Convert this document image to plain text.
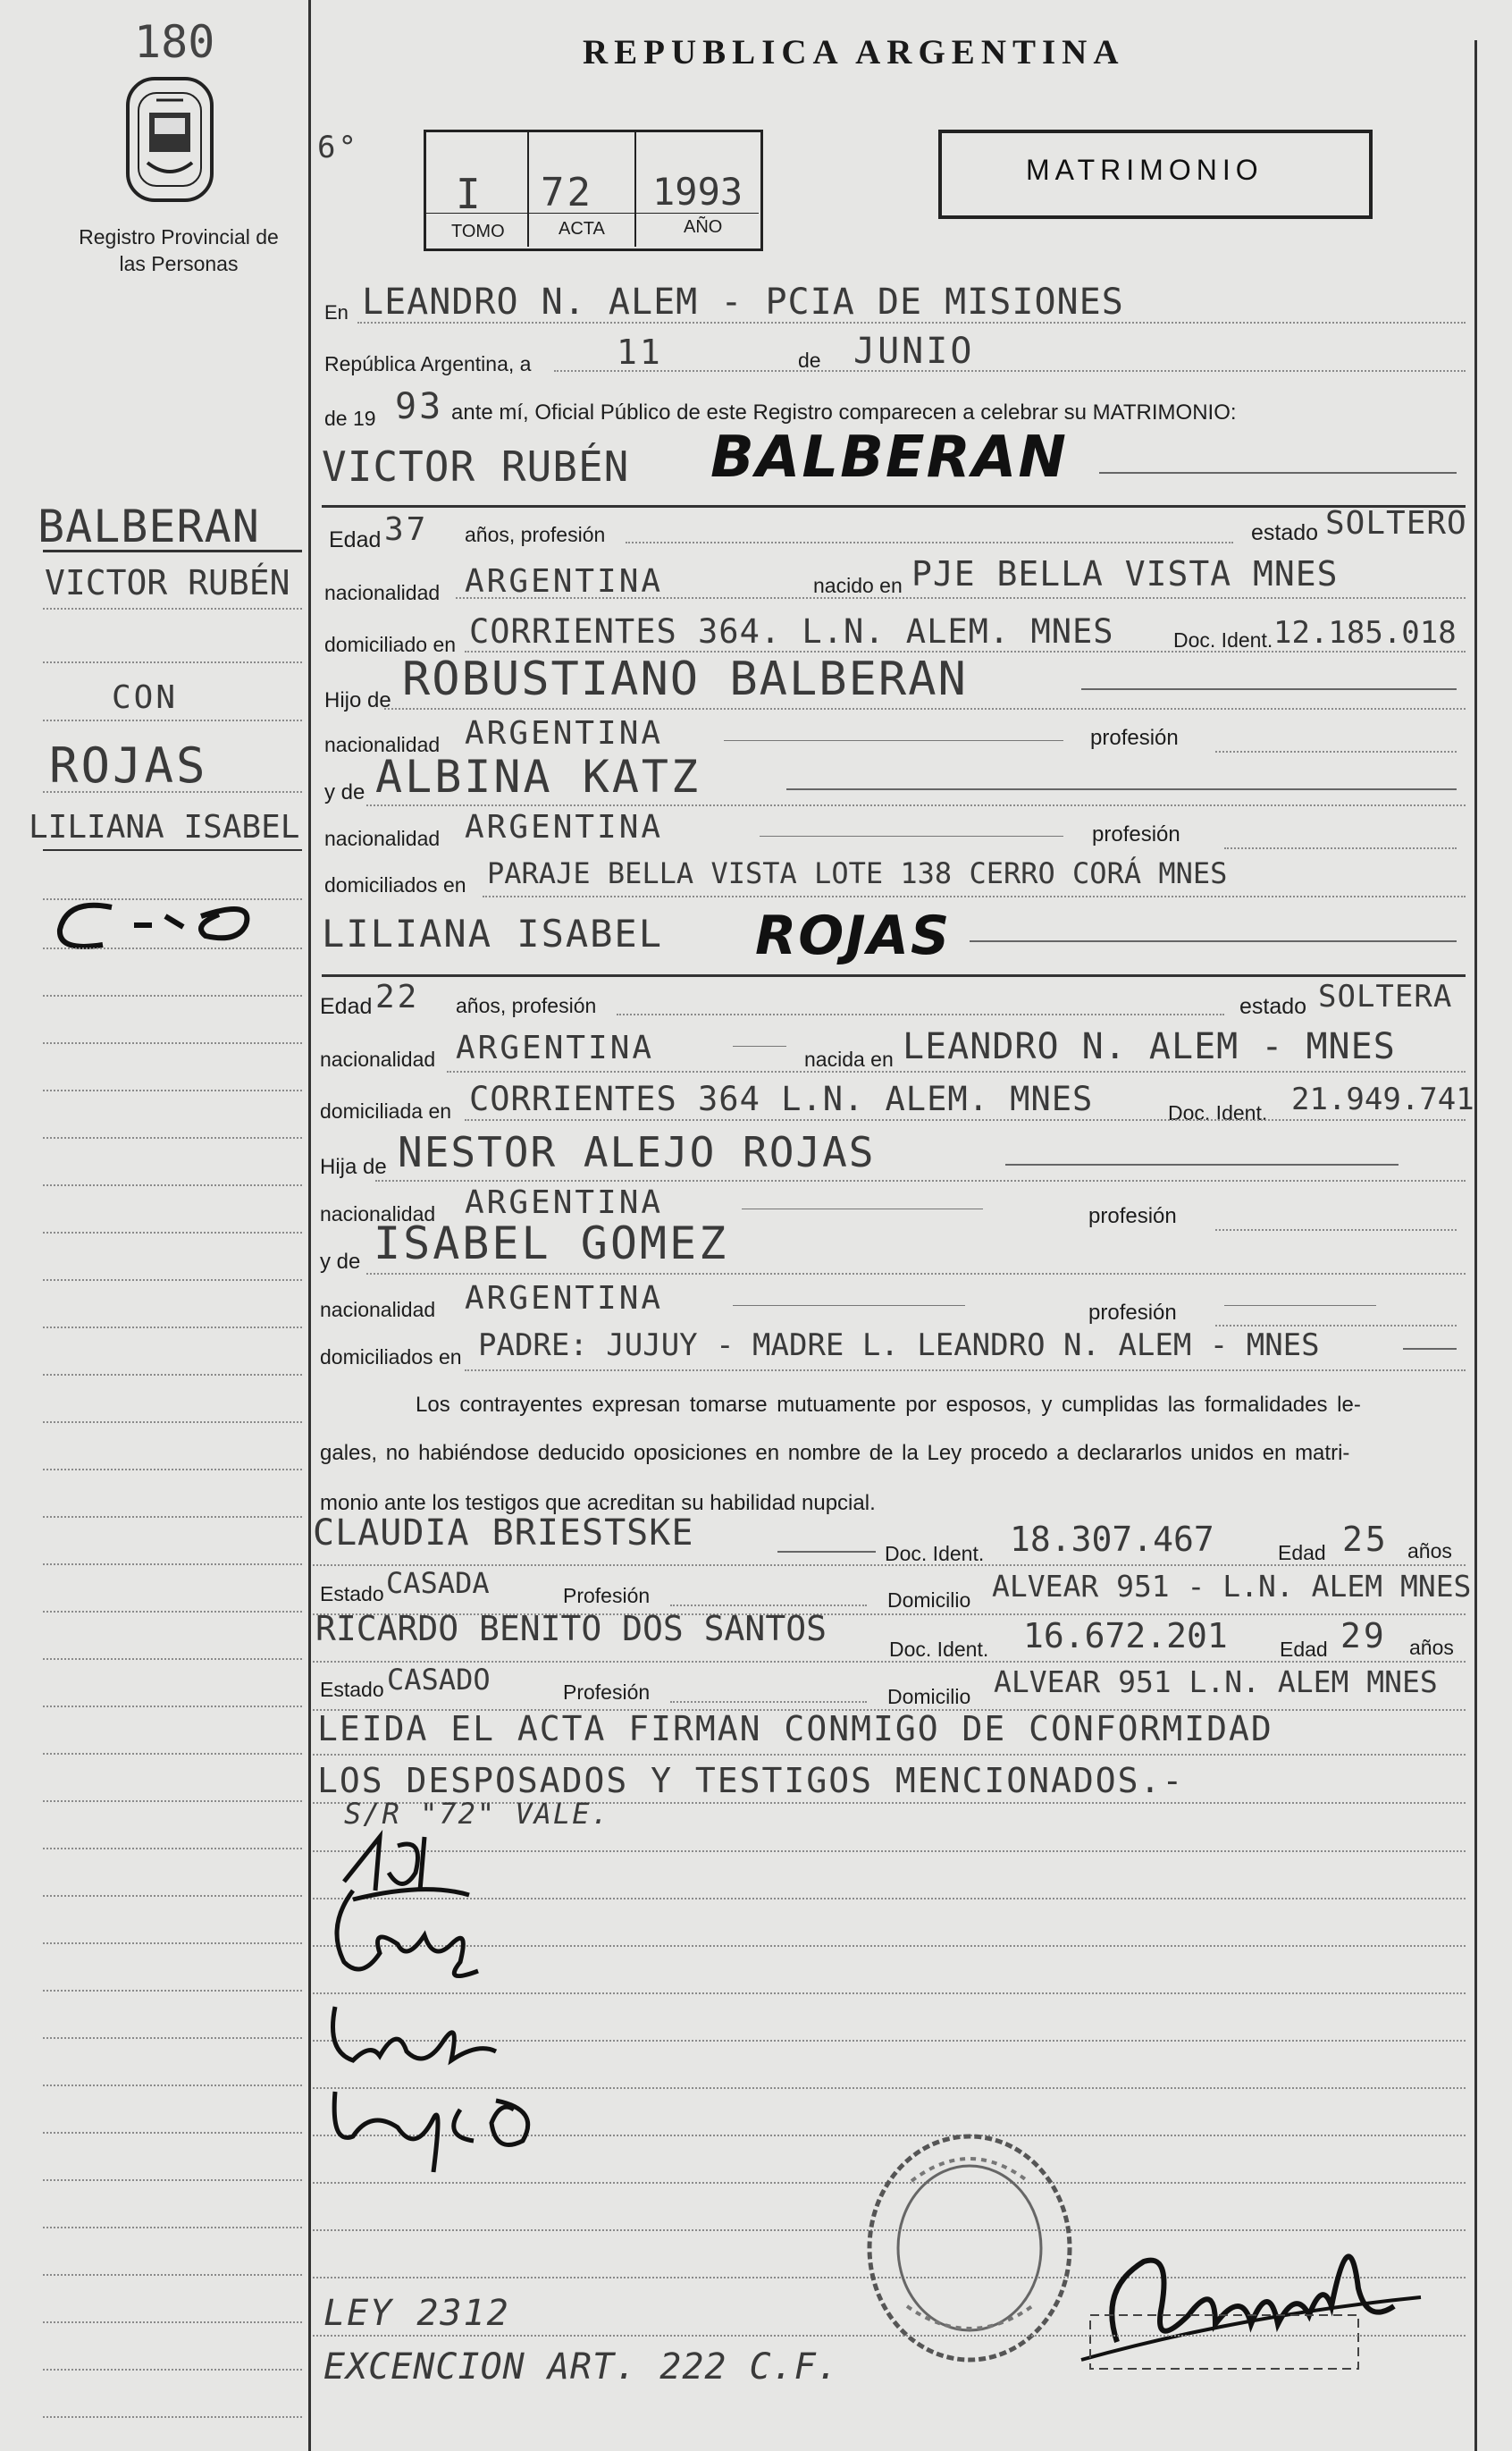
180
Registro Provincial de las Personas
BALBERAN
VICTOR RUBÉN
CON
ROJAS
LILIANA ISABEL
REPUBLICA ARGENTINA
6°
I 72 1993
TOMO	ACTA	AÑO
MATRIMONIO
En LEANDRO N. ALEM - PCIA DE MISIONES
República Argentina, a	11	de JUNIO
de 19 93 ante mí, Oficial Público de este Registro comparecen a celebrar su MATRIMONIO:
VICTOR RUBÉN BALBERAN
Edad 37 años, profesión	estado SOLTERO
nacionalidad ARGENTINA	nacido en PJE BELLA VISTA MNES
domiciliado en CORRIENTES 364. L.N. ALEM. MNES	Doc. Ident. 12.185.018
Hijo de ROBUSTIANO BALBERAN
nacionalidad ARGENTINA	profesión
y de ALBINA KATZ
nacionalidad ARGENTINA	profesión
domiciliados en PARAJE BELLA VISTA LOTE 138 CERRO CORÁ MNES
LILIANA ISABEL ROJAS
Edad 22 años, profesión	estado SOLTERA
nacionalidad ARGENTINA	nacida en LEANDRO N. ALEM - MNES
domiciliada en CORRIENTES 364 L.N. ALEM. MNES	Doc. Ident. 21.949.741
Hija de NESTOR ALEJO ROJAS
nacionalidad ARGENTINA	profesión
y de ISABEL GOMEZ
nacionalidad ARGENTINA	profesión
domiciliados en PADRE: JUJUY - MADRE L. LEANDRO N. ALEM - MNES
Los contrayentes expresan tomarse mutuamente por esposos, y cumplidas las formalidades le-
gales, no habiéndose deducido oposiciones en nombre de la Ley procedo a declararlos unidos en matri-
monio ante los testigos que acreditan su habilidad nupcial.
CLAUDIA BRIESTSKE	Doc. Ident. 18.307.467	Edad 25 años
Estado CASADA	Profesión	Domicilio ALVEAR 951 - L.N. ALEM MNES
RICARDO BENITO DOS SANTOS
Doc. Ident. 16.672.201	Edad 29 años
Estado CASADO	Profesión	Domicilio ALVEAR 951 L.N. ALEM MNES
LEIDA EL ACTA FIRMAN CONMIGO DE CONFORMIDAD
LOS DESPOSADOS Y TESTIGOS MENCIONADOS.-
S/R "72" VALE.
LEY 2312
EXCENCION ART. 222 C.F.
